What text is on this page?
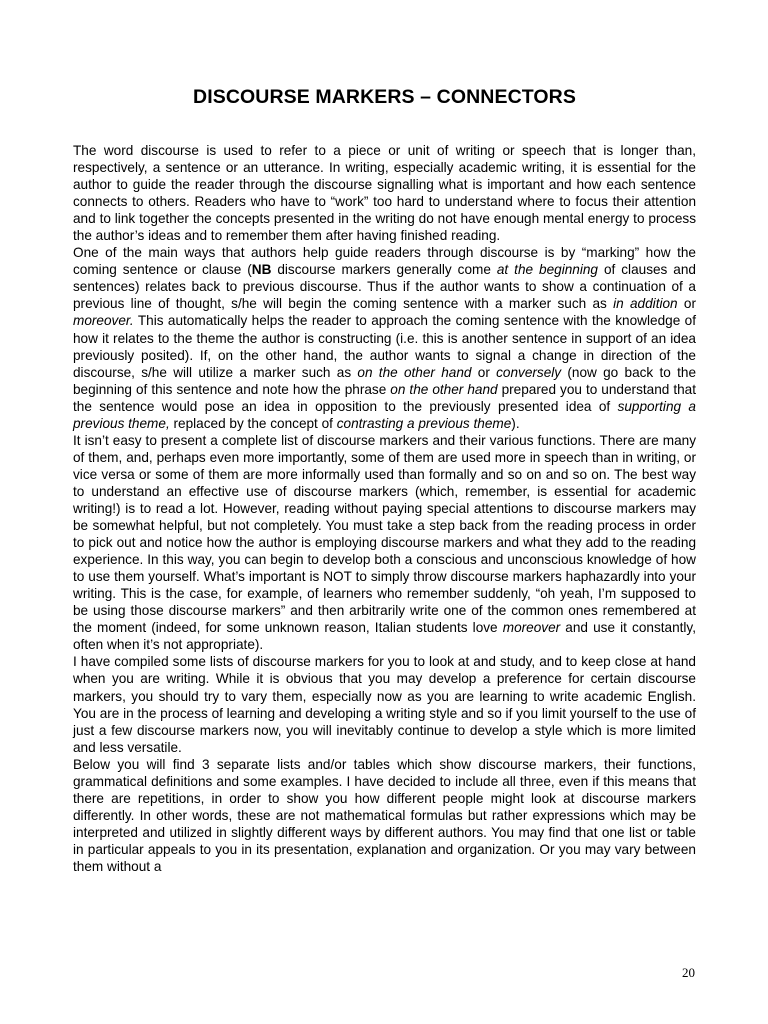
DISCOURSE MARKERS – CONNECTORS

The word discourse is used to refer to a piece or unit of writing or speech that is longer than, respectively, a sentence or an utterance. In writing, especially academic writing, it is essential for the author to guide the reader through the discourse signalling what is important and how each sentence connects to others. Readers who have to “work” too hard to understand where to focus their attention and to link together the concepts presented in the writing do not have enough mental energy to process the author’s ideas and to remember them after having finished reading.

One of the main ways that authors help guide readers through discourse is by “marking” how the coming sentence or clause (NB discourse markers generally come at the beginning of clauses and sentences) relates back to previous discourse. Thus if the author wants to show a continuation of a previous line of thought, s/he will begin the coming sentence with a marker such as in addition or moreover. This automatically helps the reader to approach the coming sentence with the knowledge of how it relates to the theme the author is constructing (i.e. this is another sentence in support of an idea previously posited). If, on the other hand, the author wants to signal a change in direction of the discourse, s/he will utilize a marker such as on the other hand or conversely (now go back to the beginning of this sentence and note how the phrase on the other hand prepared you to understand that the sentence would pose an idea in opposition to the previously presented idea of supporting a previous theme, replaced by the concept of contrasting a previous theme).

It isn’t easy to present a complete list of discourse markers and their various functions. There are many of them, and, perhaps even more importantly, some of them are used more in speech than in writing, or vice versa or some of them are more informally used than formally and so on and so on. The best way to understand an effective use of discourse markers (which, remember, is essential for academic writing!) is to read a lot. However, reading without paying special attentions to discourse markers may be somewhat helpful, but not completely. You must take a step back from the reading process in order to pick out and notice how the author is employing discourse markers and what they add to the reading experience. In this way, you can begin to develop both a conscious and unconscious knowledge of how to use them yourself. What’s important is NOT to simply throw discourse markers haphazardly into your writing. This is the case, for example, of learners who remember suddenly, “oh yeah, I’m supposed to be using those discourse markers” and then arbitrarily write one of the common ones remembered at the moment (indeed, for some unknown reason, Italian students love moreover and use it constantly, often when it’s not appropriate).

I have compiled some lists of discourse markers for you to look at and study, and to keep close at hand when you are writing. While it is obvious that you may develop a preference for certain discourse markers, you should try to vary them, especially now as you are learning to write academic English. You are in the process of learning and developing a writing style and so if you limit yourself to the use of just a few discourse markers now, you will inevitably continue to develop a style which is more limited and less versatile.

Below you will find 3 separate lists and/or tables which show discourse markers, their functions, grammatical definitions and some examples. I have decided to include all three, even if this means that there are repetitions, in order to show you how different people might look at discourse markers differently. In other words, these are not mathematical formulas but rather expressions which may be interpreted and utilized in slightly different ways by different authors. You may find that one list or table in particular appeals to you in its presentation, explanation and organization. Or you may vary between them without a

20
